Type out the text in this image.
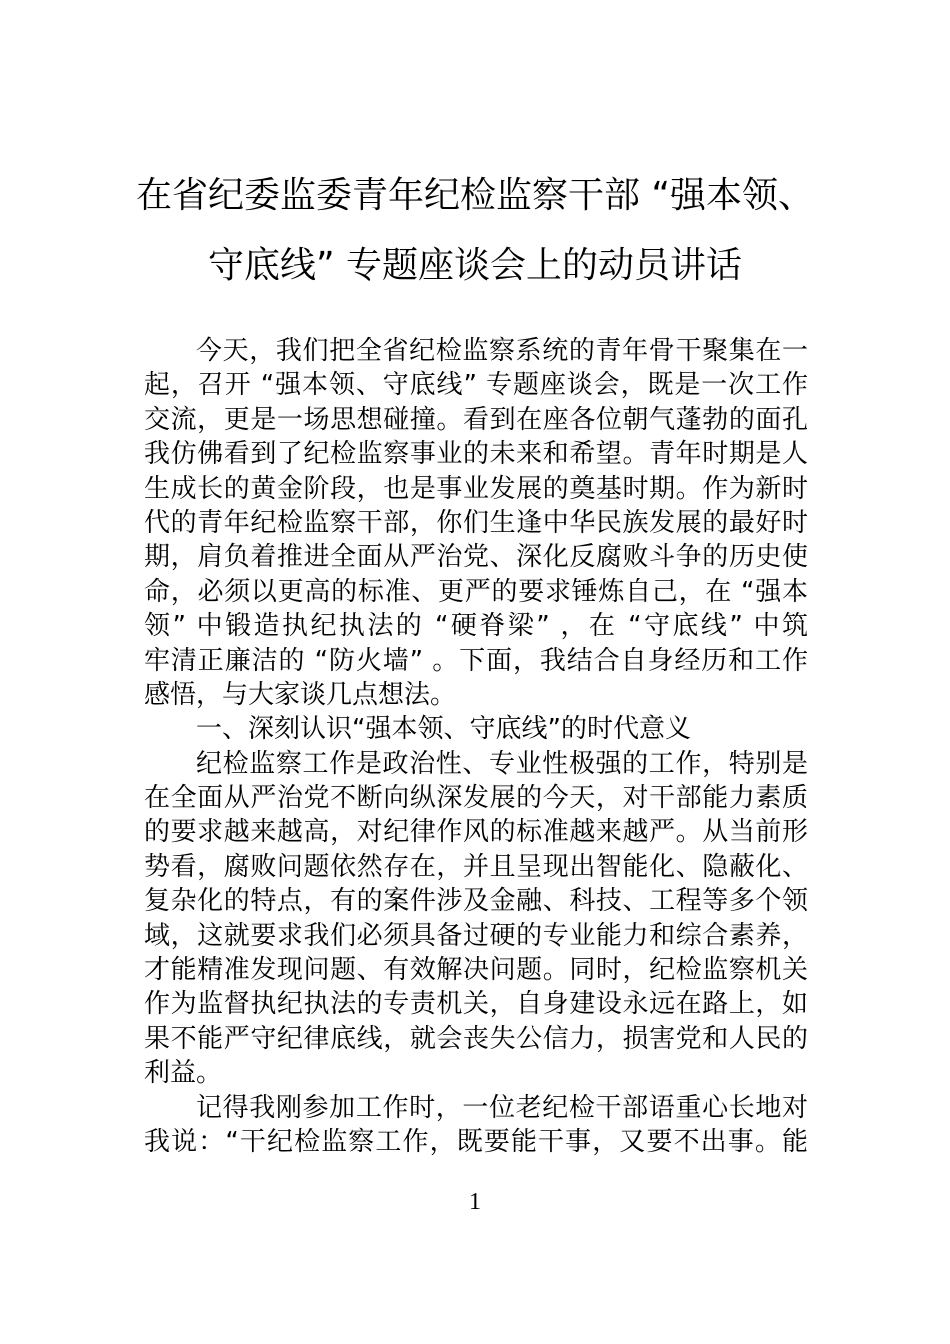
在省纪委监委青年纪检监察干部 “强本领、
守底线” 专题座谈会上的动员讲话
今天，我们把全省纪检监察系统的青年骨干聚集在一
起，召开 “强本领、守底线” 专题座谈会，既是一次工作
交流，更是一场思想碰撞。看到在座各位朝气蓬勃的面孔
我仿佛看到了纪检监察事业的未来和希望。青年时期是人
生成长的黄金阶段，也是事业发展的奠基时期。作为新时
代的青年纪检监察干部，你们生逢中华民族发展的最好时
期，肩负着推进全面从严治党、深化反腐败斗争的历史使
命，必须以更高的标准、更严的要求锤炼自己，在 “强本
领” 中锻造执纪执法的 “硬脊梁” ，在 “守底线” 中筑
牢清正廉洁的 “防火墙” 。下面，我结合自身经历和工作
感悟，与大家谈几点想法。
一、深刻认识“强本领、守底线”的时代意义
纪检监察工作是政治性、专业性极强的工作，特别是
在全面从严治党不断向纵深发展的今天，对干部能力素质
的要求越来越高，对纪律作风的标准越来越严。从当前形
势看，腐败问题依然存在，并且呈现出智能化、隐蔽化、
复杂化的特点，有的案件涉及金融、科技、工程等多个领
域，这就要求我们必须具备过硬的专业能力和综合素养，
才能精准发现问题、有效解决问题。同时，纪检监察机关
作为监督执纪执法的专责机关，自身建设永远在路上，如
果不能严守纪律底线，就会丧失公信力，损害党和人民的
利益。
记得我刚参加工作时，一位老纪检干部语重心长地对
我说：“干纪检监察工作，既要能干事，又要不出事。能
1
